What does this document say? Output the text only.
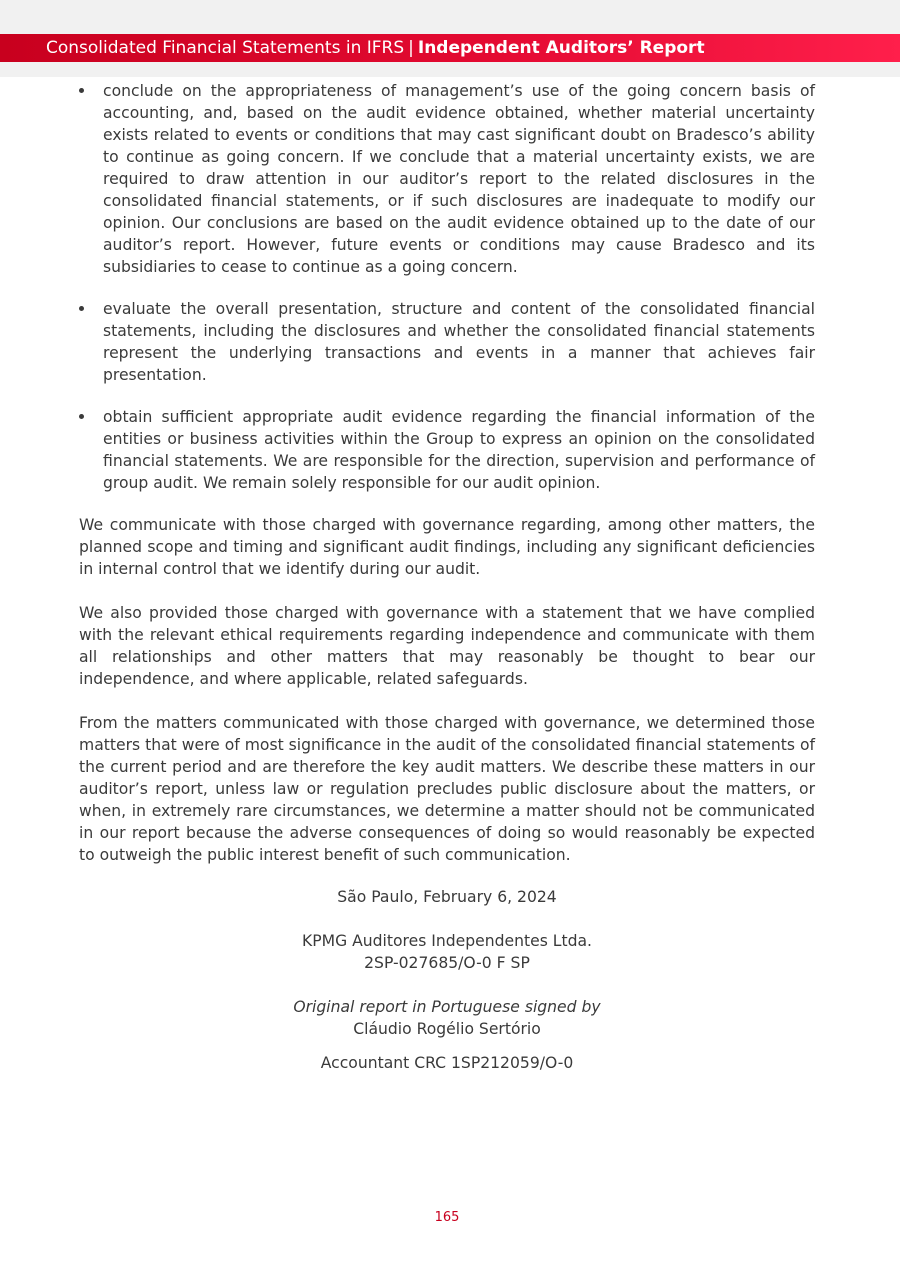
Consolidated Financial Statements in IFRS | Independent Auditors’ Report
conclude on the appropriateness of management’s use of the going concern basis of accounting, and, based on the audit evidence obtained, whether material uncertainty exists related to events or conditions that may cast significant doubt on Bradesco’s ability to continue as going concern. If we conclude that a material uncertainty exists, we are required to draw attention in our auditor’s report to the related disclosures in the consolidated financial statements, or if such disclosures are inadequate to modify our opinion. Our conclusions are based on the audit evidence obtained up to the date of our auditor’s report. However, future events or conditions may cause Bradesco and its subsidiaries to cease to continue as a going concern.
evaluate the overall presentation, structure and content of the consolidated financial statements, including the disclosures and whether the consolidated financial statements represent the underlying transactions and events in a manner that achieves fair presentation.
obtain sufficient appropriate audit evidence regarding the financial information of the entities or business activities within the Group to express an opinion on the consolidated financial statements. We are responsible for the direction, supervision and performance of group audit. We remain solely responsible for our audit opinion.

We communicate with those charged with governance regarding, among other matters, the planned scope and timing and significant audit findings, including any significant deficiencies in internal control that we identify during our audit.

We also provided those charged with governance with a statement that we have complied with the relevant ethical requirements regarding independence and communicate with them all relationships and other matters that may reasonably be thought to bear our independence, and where applicable, related safeguards.

From the matters communicated with those charged with governance, we determined those matters that were of most significance in the audit of the consolidated financial statements of the current period and are therefore the key audit matters. We describe these matters in our auditor’s report, unless law or regulation precludes public disclosure about the matters, or when, in extremely rare circumstances, we determine a matter should not be communicated in our report because the adverse consequences of doing so would reasonably be expected to outweigh the public interest benefit of such communication.

São Paulo, February 6, 2024
KPMG Auditores Independentes Ltda.
2SP-027685/O-0 F SP
Original report in Portuguese signed by
Cláudio Rogélio Sertório
Accountant CRC 1SP212059/O-0
165
